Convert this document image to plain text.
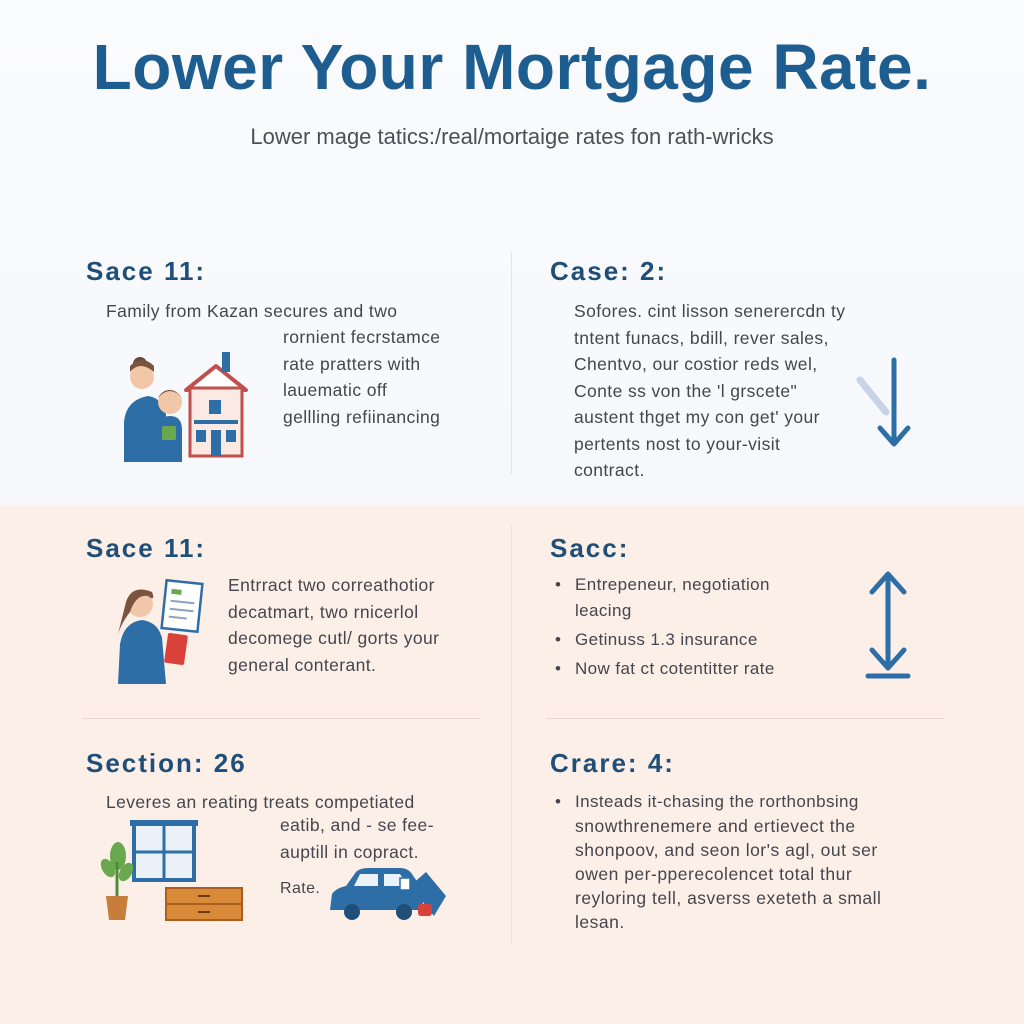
Lower Your Mortgage Rate.

Lower mage tatics:/real/mortaige rates fon rath-wricks

Sace 11:
Family from Kazan secures and two
rornient fecrstamce
rate pratters with
lauematic off
gellling refiinancing
Case: 2:
Sofores. cint lisson senerercdn ty
tntent funacs, bdill, rever sales,
Chentvo, our costior reds wel,
Conte ss von the 'l grscete"
austent thget my con get' your
pertents nost to your-visit
contract.
Sace 11:
Entrract two correathotior
decatmart, two rnicerlol
decomege cutl/ gorts your
general conterant.
Sacc:
• Entrepeneur, negotiation
leacing
• Getinuss 1.3 insurance
• Now fat ct cotentitter rate
Section: 26
Leveres an reating treats competiated
eatib, and - se fee-
auptill in copract.
Rate.
Crare: 4:
• Insteads it-chasing the rorthonbsing
snowthrenemere and ertievect the
shonpoov, and seon lor's agl, out ser
owen per-pperecolencet total thur
reyloring tell, asverss exeteth a small
lesan.
